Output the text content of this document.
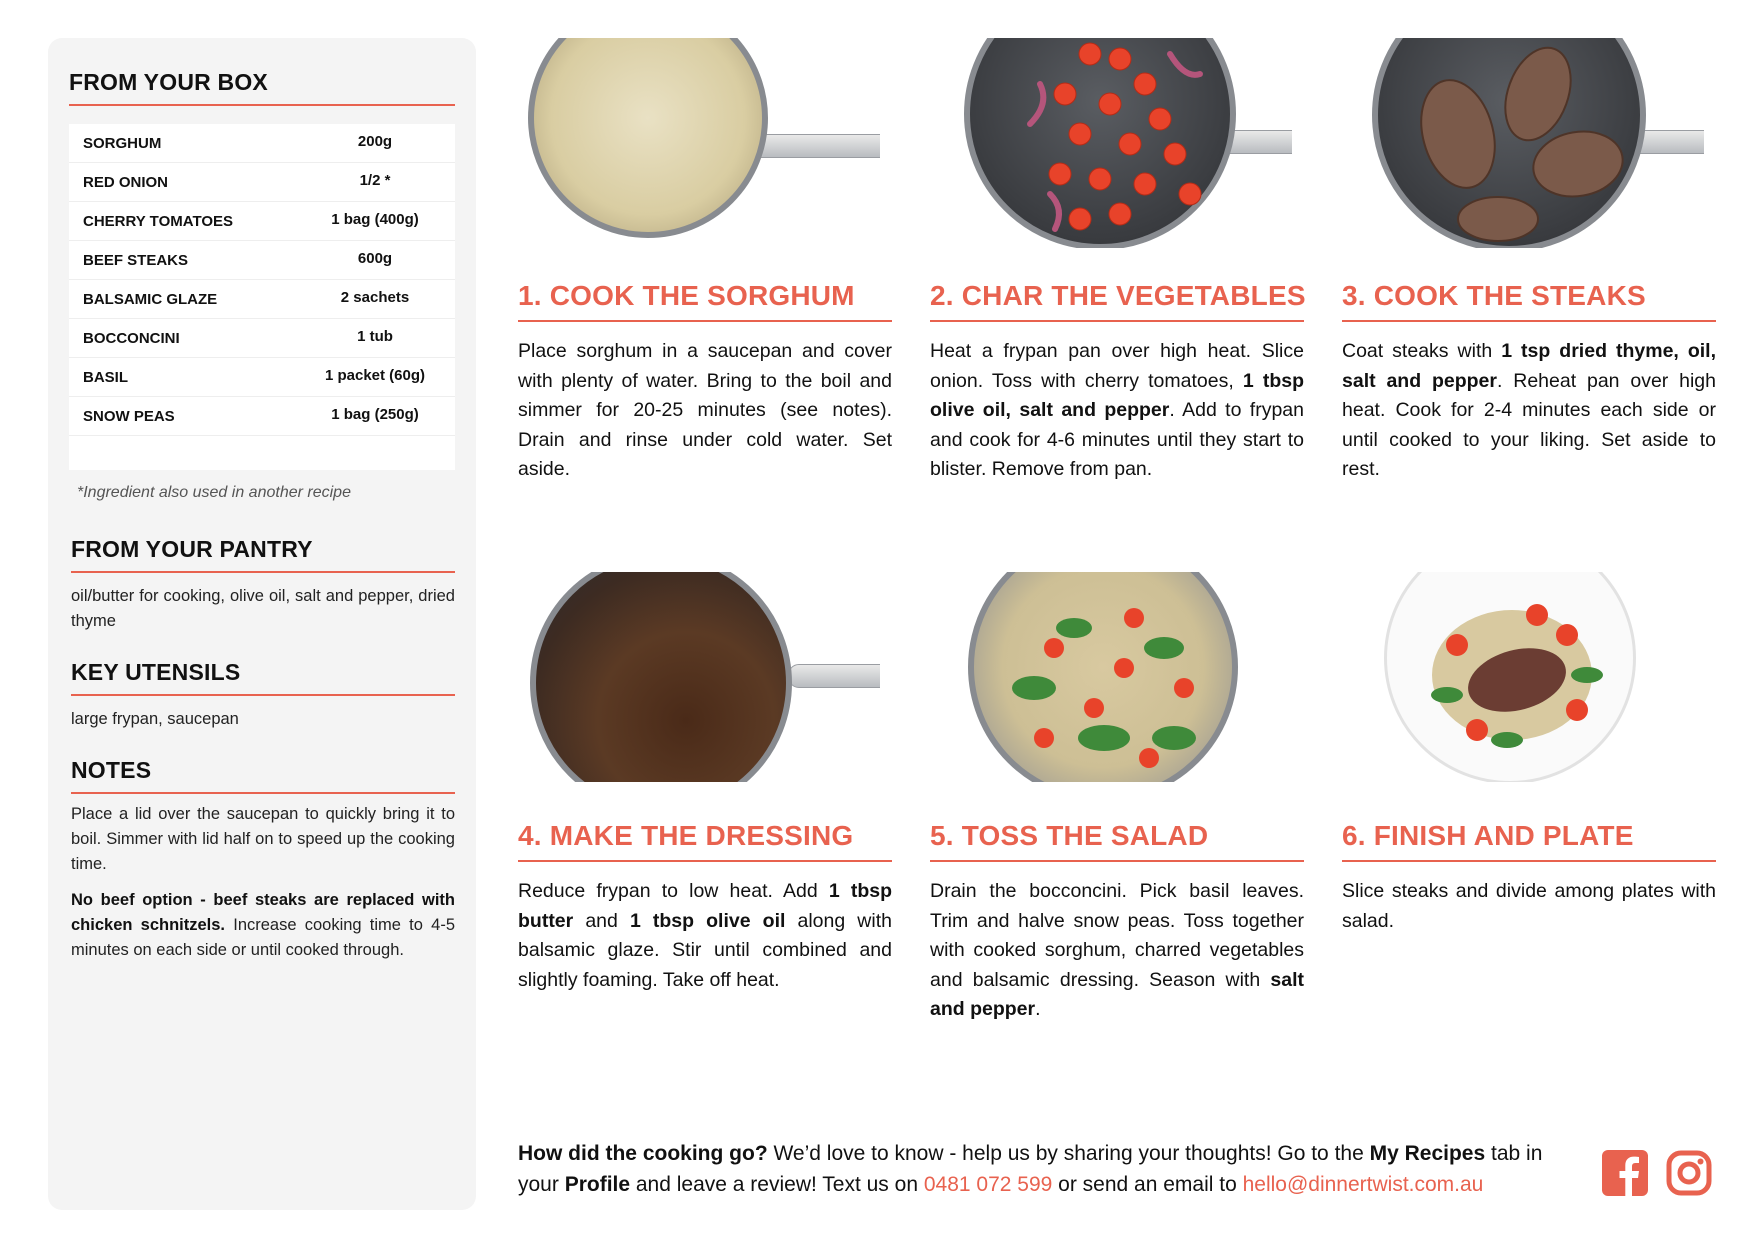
FROM YOUR BOX
SORGHUM	200g
RED ONION	1/2 *
CHERRY TOMATOES	1 bag (400g)
BEEF STEAKS	600g
BALSAMIC GLAZE	2 sachets
BOCCONCINI	1 tub
BASIL	1 packet (60g)
SNOW PEAS	1 bag (250g)
*Ingredient also used in another recipe
FROM YOUR PANTRY
oil/butter for cooking, olive oil, salt and pepper, dried thyme
KEY UTENSILS
large frypan, saucepan
NOTES
Place a lid over the saucepan to quickly bring it to boil. Simmer with lid half on to speed up the cooking time.
No beef option - beef steaks are replaced with chicken schnitzels. Increase cooking time to 4-5 minutes on each side or until cooked through.
1. COOK THE SORGHUM
Place sorghum in a saucepan and cover with plenty of water. Bring to the boil and simmer for 20-25 minutes (see notes). Drain and rinse under cold water. Set aside.
2. CHAR THE VEGETABLES
Heat a frypan pan over high heat. Slice onion. Toss with cherry tomatoes, 1 tbsp olive oil, salt and pepper. Add to frypan and cook for 4-6 minutes until they start to blister. Remove from pan.
3. COOK THE STEAKS
Coat steaks with 1 tsp dried thyme, oil, salt and pepper. Reheat pan over high heat. Cook for 2-4 minutes each side or until cooked to your liking. Set aside to rest.
4. MAKE THE DRESSING
Reduce frypan to low heat. Add 1 tbsp butter and 1 tbsp olive oil along with balsamic glaze. Stir until combined and slightly foaming. Take off heat.
5. TOSS THE SALAD
Drain the bocconcini. Pick basil leaves. Trim and halve snow peas. Toss together with cooked sorghum, charred vegetables and balsamic dressing. Season with salt and pepper.
6. FINISH AND PLATE
Slice steaks and divide among plates with salad.
How did the cooking go? We’d love to know - help us by sharing your thoughts! Go to the My Recipes tab in your Profile and leave a review! Text us on 0481 072 599 or send an email to hello@dinnertwist.com.au
